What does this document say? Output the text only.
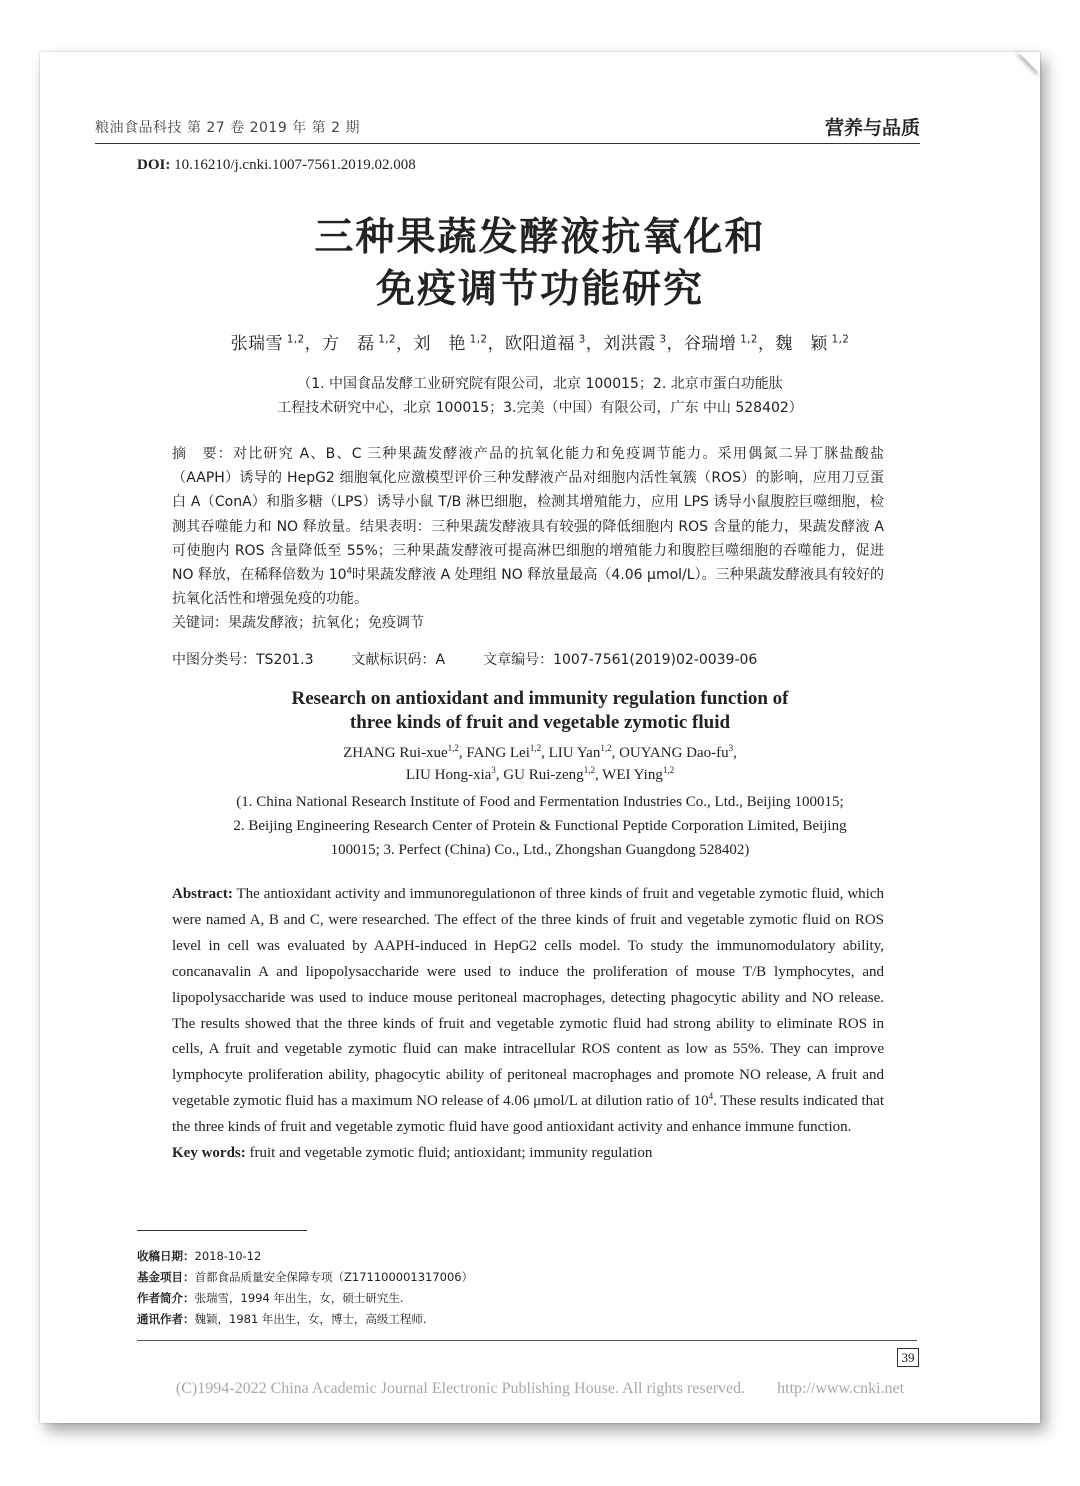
粮油食品科技 第 27 卷 2019 年 第 2 期	营养与品质
DOI: 10.16210/j.cnki.1007-7561.2019.02.008
三种果蔬发酵液抗氧化和
免疫调节功能研究
张瑞雪 $^{1,2}$，方　磊 $^{1,2}$，刘　艳 $^{1,2}$，欧阳道福 $^3$，刘洪霞 $^3$，谷瑞增 $^{1,2}$，魏　颖 $^{1,2}$
（1. 中国食品发酵工业研究院有限公司，北京 100015；2. 北京市蛋白功能肽
工程技术研究中心，北京 100015；3.完美（中国）有限公司，广东 中山 528402）

摘　要：对比研究 A、B、C 三种果蔬发酵液产品的抗氧化能力和免疫调节能力。采用偶氮二异丁脒盐酸盐（AAPH）诱导的 HepG2 细胞氧化应激模型评价三种发酵液产品对细胞内活性氧簇（ROS）的影响，应用刀豆蛋白 A（ConA）和脂多糖（LPS）诱导小鼠 T/B 淋巴细胞，检测其增殖能力，应用 LPS 诱导小鼠腹腔巨噬细胞，检测其吞噬能力和 NO 释放量。结果表明：三种果蔬发酵液具有较强的降低细胞内 ROS 含量的能力，果蔬发酵液 A 可使胞内 ROS 含量降低至 55%；三种果蔬发酵液可提高淋巴细胞的增殖能力和腹腔巨噬细胞的吞噬能力，促进 NO 释放，在稀释倍数为 $10^4$时果蔬发酵液 A 处理组 NO 释放量最高（4.06 μmol/L）。三种果蔬发酵液具有较好的抗氧化活性和增强免疫的功能。

关键词：果蔬发酵液；抗氧化；免疫调节

中图分类号：TS201.3	文献标识码：A	文章编号：1007-7561(2019)02-0039-06
Research on antioxidant and immunity regulation function of
three kinds of fruit and vegetable zymotic fluid
ZHANG Rui-xue$^{1,2}$, FANG Lei$^{1,2}$, LIU Yan$^{1,2}$, OUYANG Dao-$fu^3$,
LIU Hong-xia$^3$, GU Rui-zeng$^{1,2}$, WEI Ying$^{1,2}$
(1. China National Research Institute of Food and Fermentation Industries Co., Ltd., Beijing 100015;
2. Beijing Engineering Research Center of Protein & Functional Peptide Corporation Limited, Beijing
100015; 3. Perfect (China) Co., Ltd., Zhongshan Guangdong 528402)

Abstract: The antioxidant activity and immunoregulationon of three kinds of fruit and vegetable zymotic fluid, which were named A, B and C, were researched. The effect of the three kinds of fruit and vegetable zymotic fluid on ROS level in cell was evaluated by AAPH-induced in HepG2 cells model. To study the immunomodulatory ability, concanavalin A and lipopolysaccharide were used to induce the proliferation of mouse T/B lymphocytes, and lipopolysaccharide was used to induce mouse peritoneal macrophages, detecting phagocytic ability and NO release. The results showed that the three kinds of fruit and vegetable zymotic fluid had strong ability to eliminate ROS in cells, A fruit and vegetable zymotic fluid can make intracellular ROS content as low as 55%. They can improve lymphocyte proliferation ability, phagocytic ability of peritoneal macrophages and promote NO release, A fruit and vegetable zymotic fluid has a maximum NO release of 4.06 μmol/L at dilution ratio of $10^4$. These results indicated that the three kinds of fruit and vegetable zymotic fluid have good antioxidant activity and enhance immune function.

Key words: fruit and vegetable zymotic fluid; antioxidant; immunity regulation

收稿日期：2018-10-12
基金项目：首都食品质量安全保障专项（Z171100001317006）
作者简介：张瑞雪，1994 年出生，女，硕士研究生.
通讯作者：魏颖，1981 年出生，女，博士，高级工程师.
39
(C)1994-2022 China Academic Journal Electronic Publishing House. All rights reserved.　　http://www.cnki.net
